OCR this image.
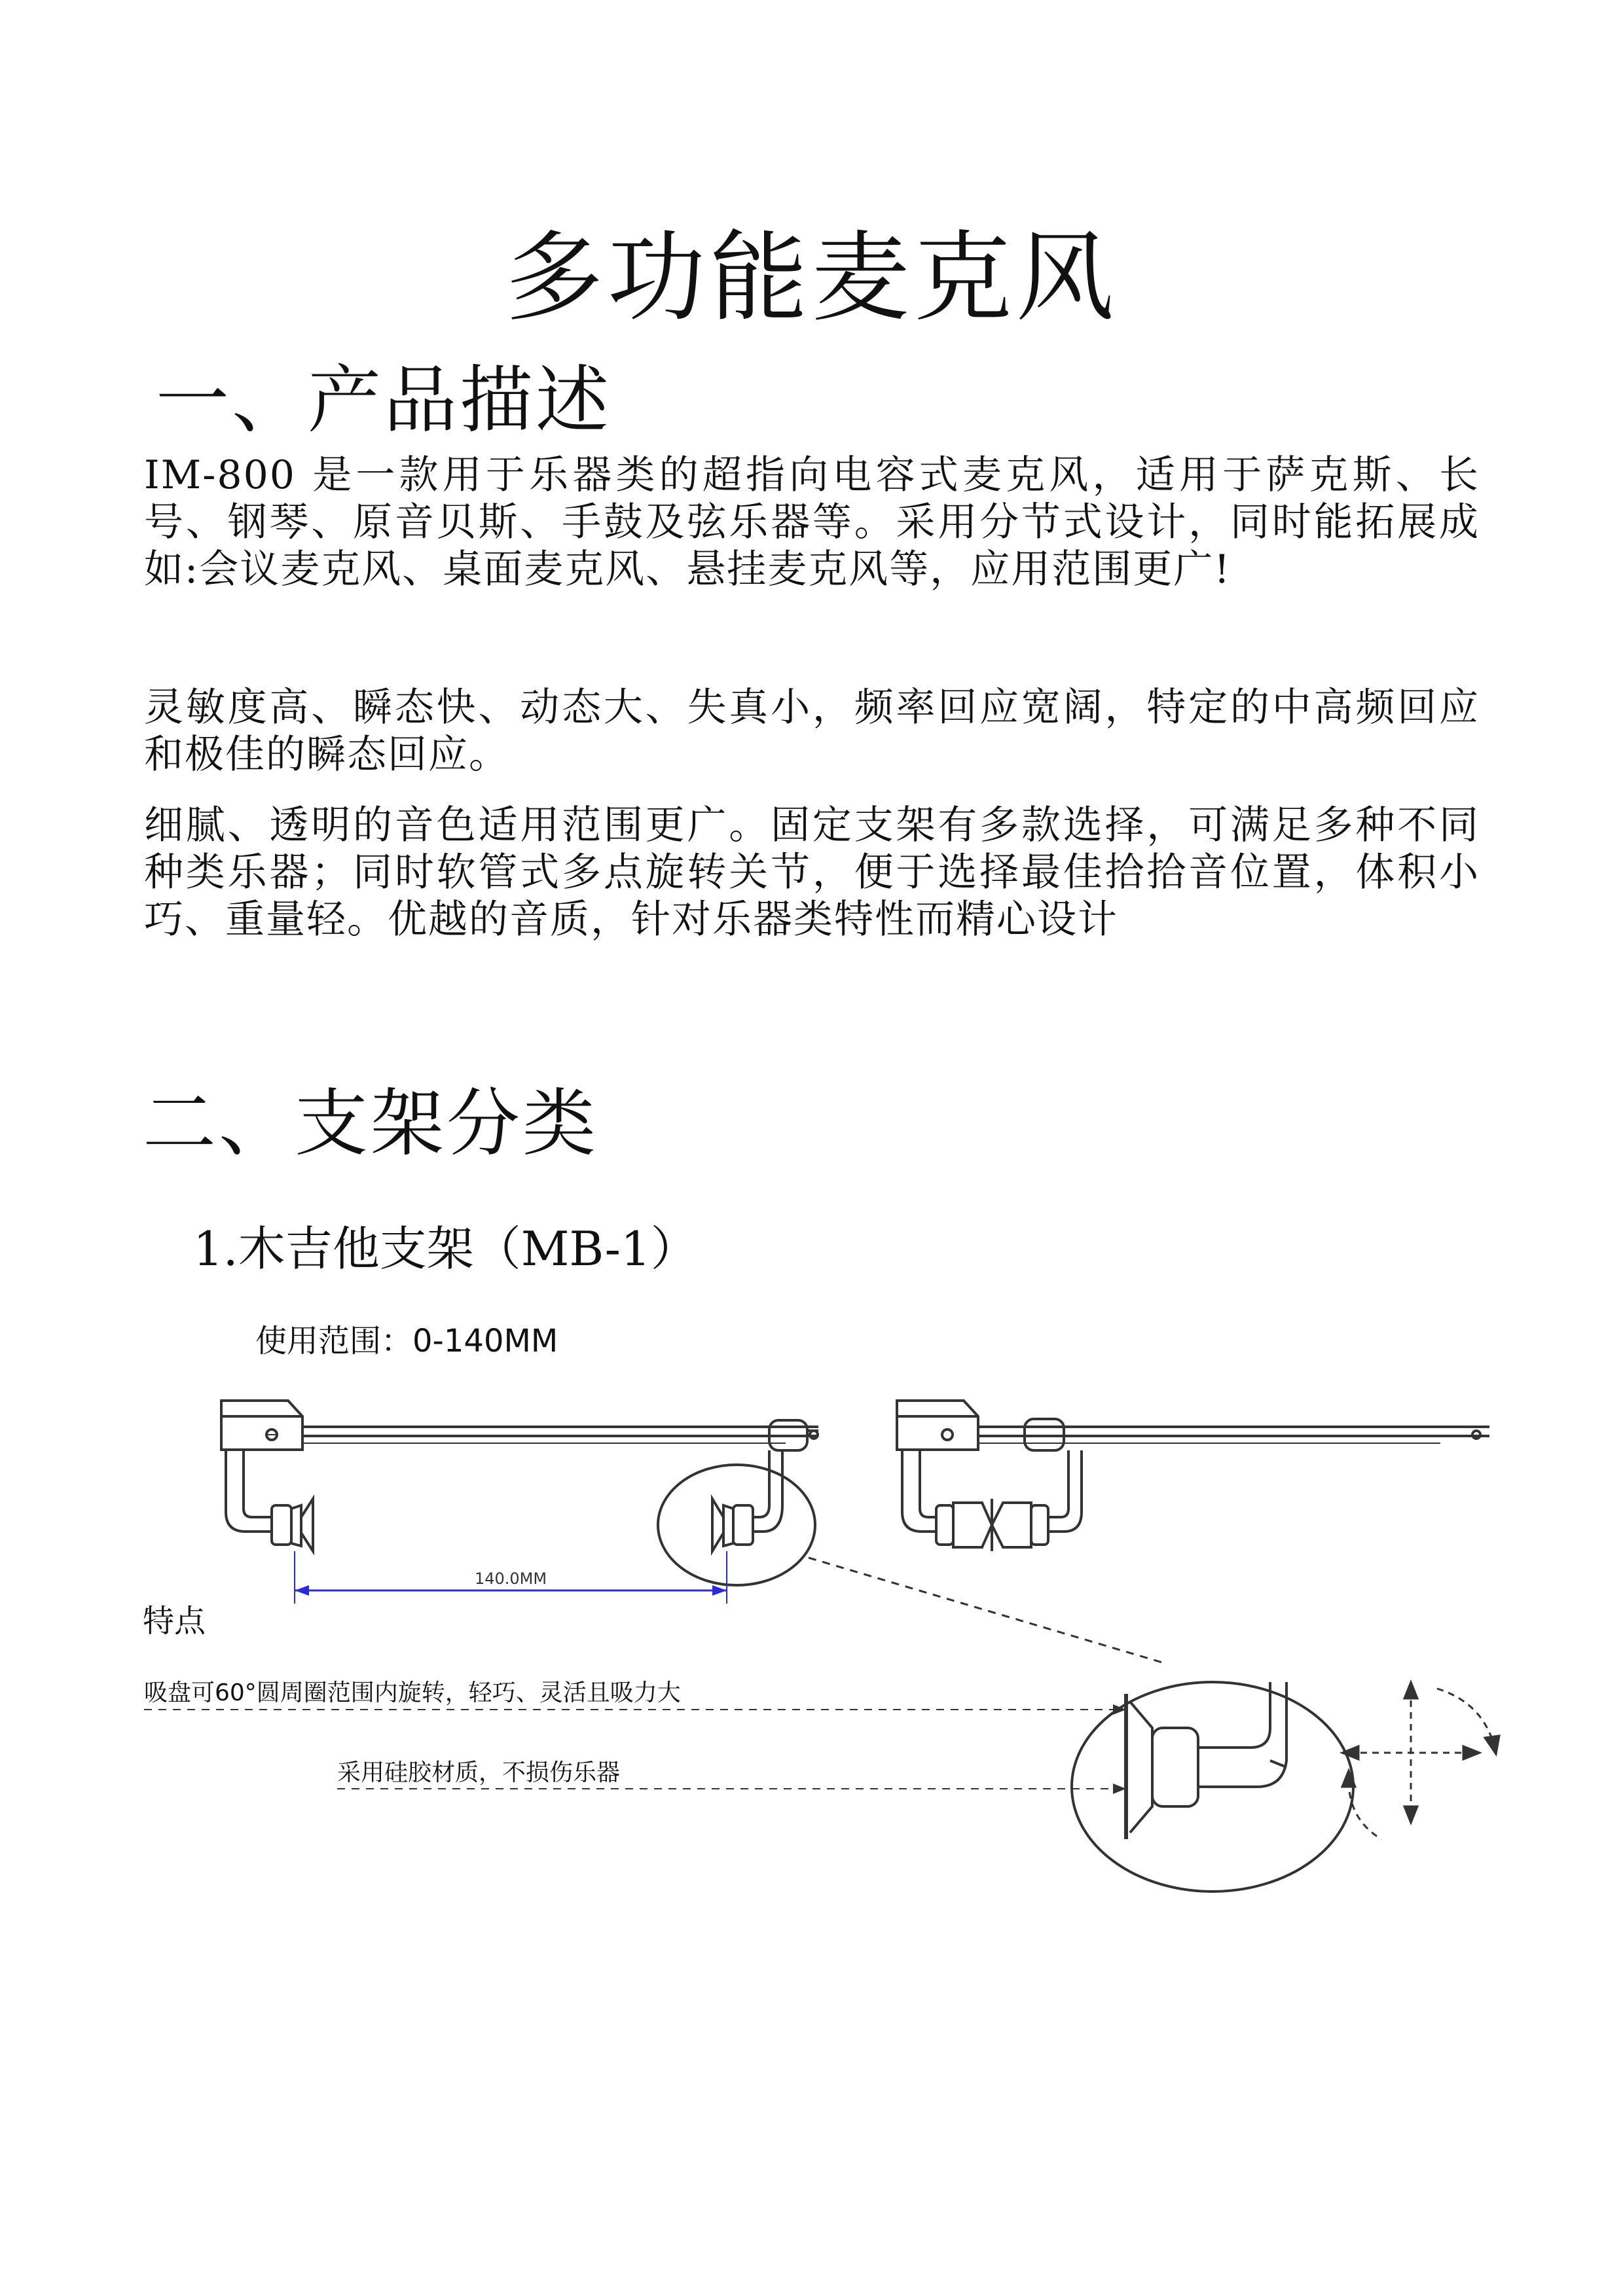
多功能麦克风
一、产品描述
IM-800 是一款用于乐器类的超指向电容式麦克风，适用于萨克斯、长号、钢琴、原音贝斯、手鼓及弦乐器等。采用分节式设计，同时能拓展成如:会议麦克风、桌面麦克风、悬挂麦克风等，应用范围更广!
灵敏度高、瞬态快、动态大、失真小，频率回应宽阔，特定的中高频回应和极佳的瞬态回应。
细腻、透明的音色适用范围更广。固定支架有多款选择，可满足多种不同种类乐器；同时软管式多点旋转关节，便于选择最佳拾拾音位置，体积小巧、重量轻。优越的音质，针对乐器类特性而精心设计
二、支架分类
1.木吉他支架（MB-1）
使用范围：0-140MM
140.0MM
特点
吸盘可60°圆周圈范围内旋转，轻巧、灵活且吸力大
采用硅胶材质，不损伤乐器
